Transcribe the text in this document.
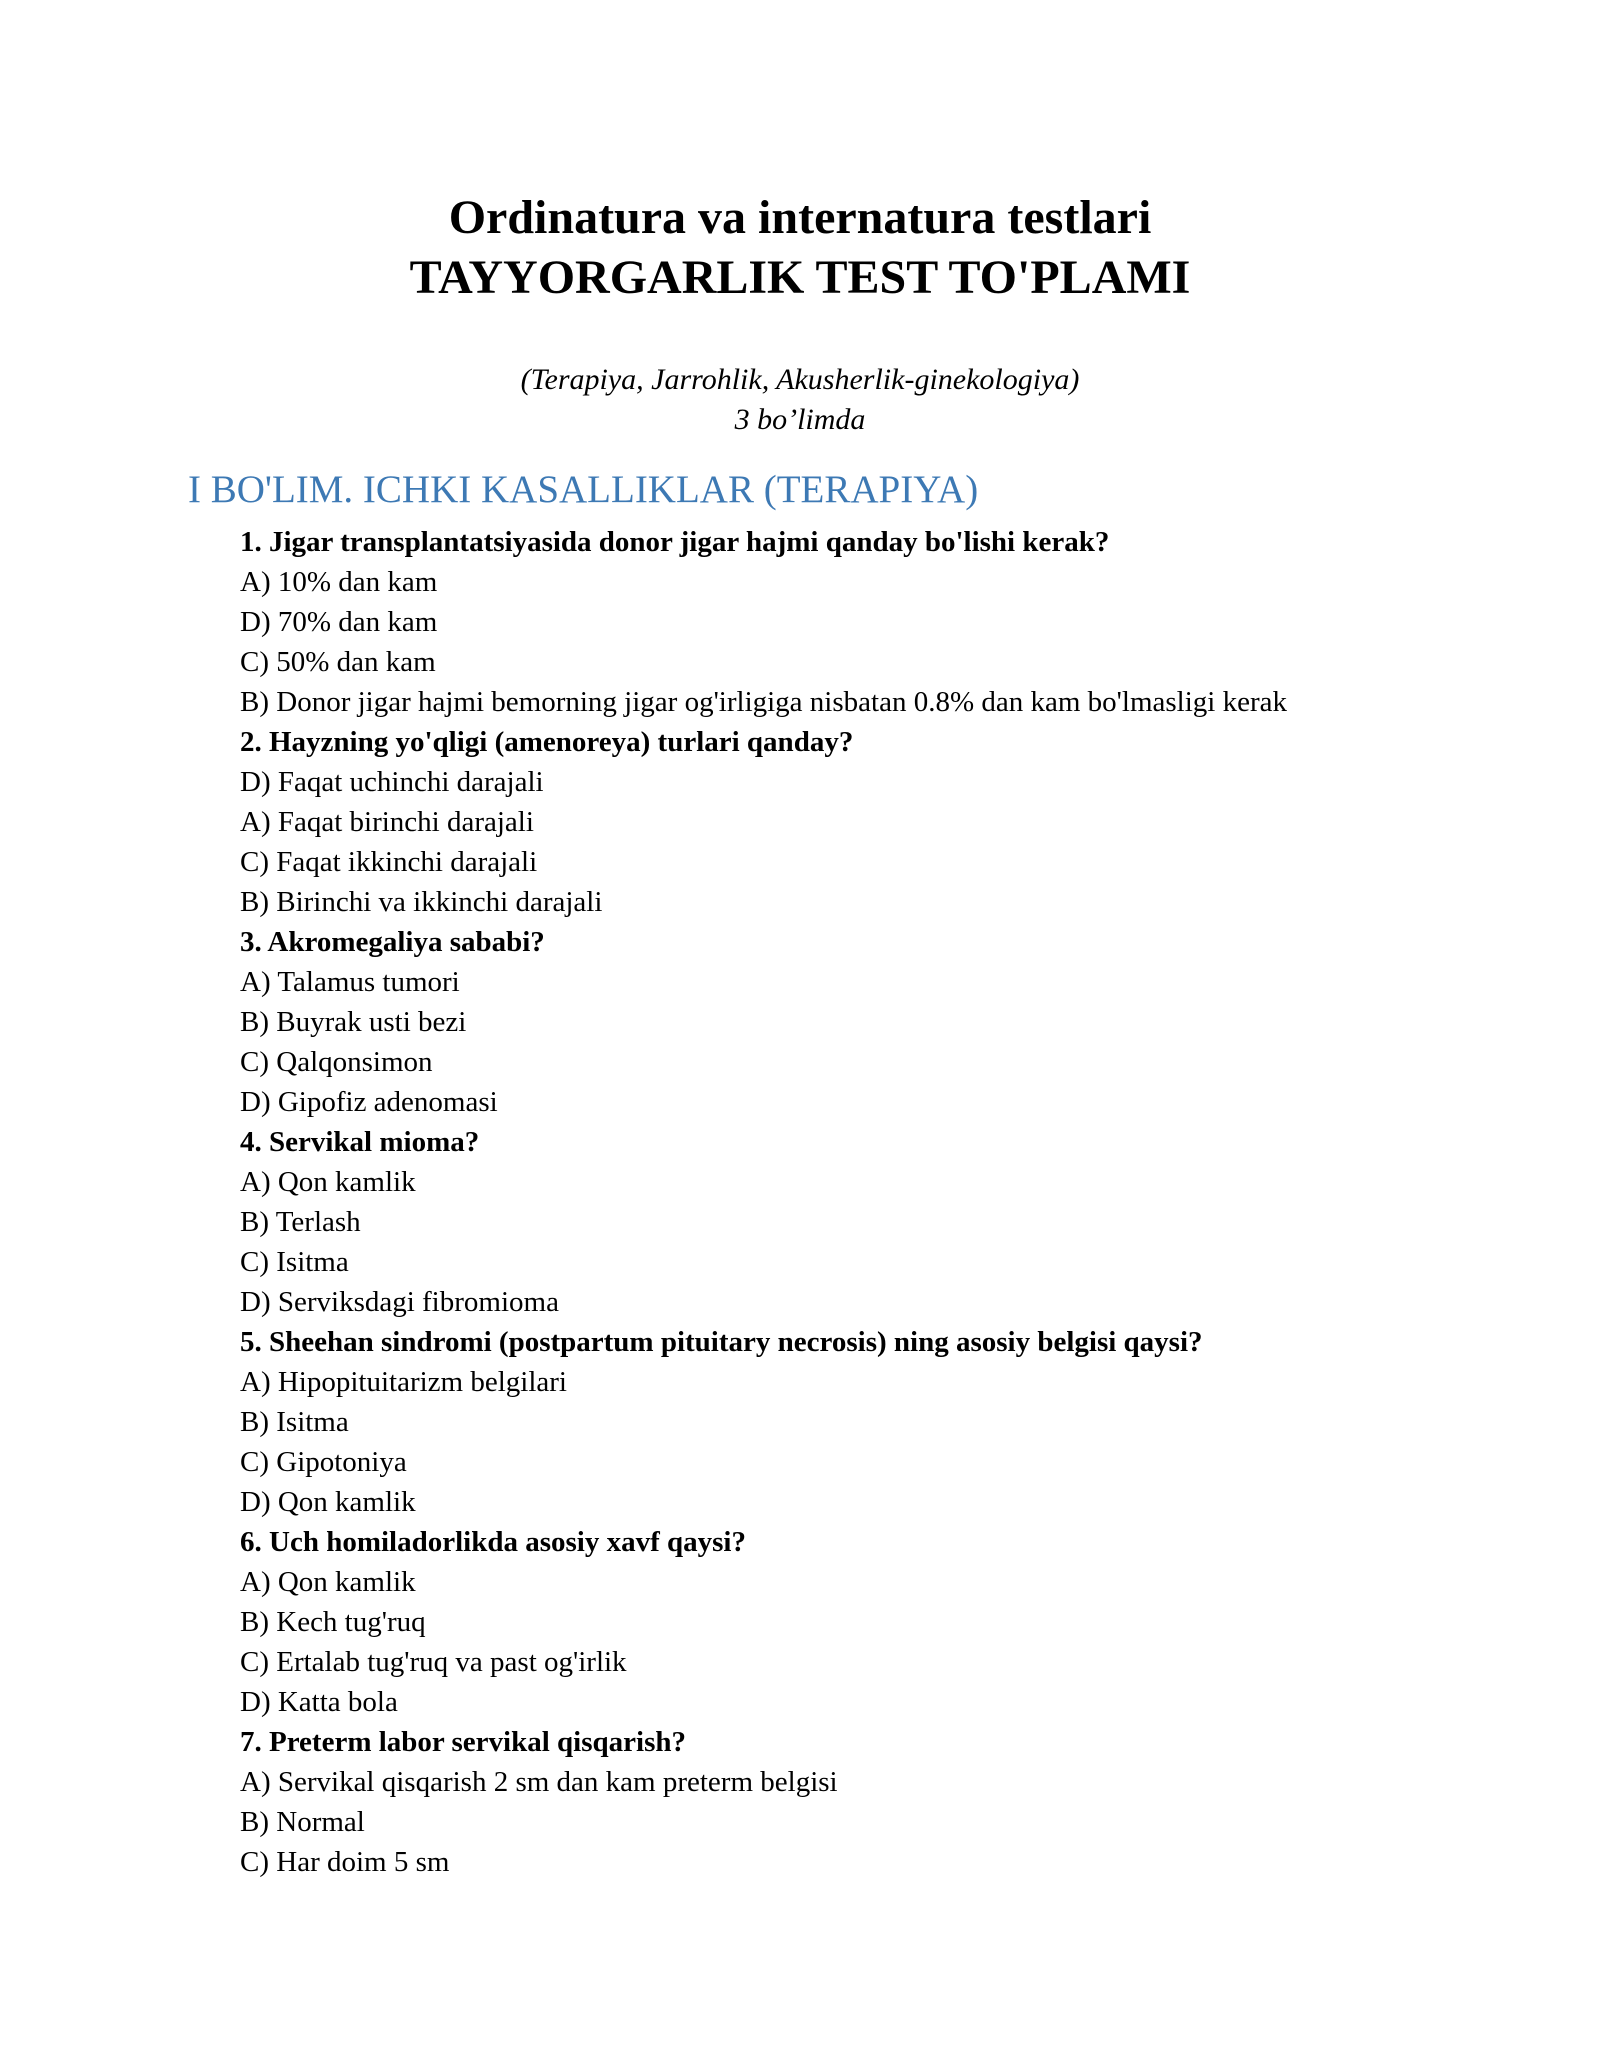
Ordinatura va internatura testlari

TAYYORGARLIK TEST TO'PLAMI

(Terapiya, Jarrohlik, Akusherlik-ginekologiya)
3 bo’limda
I BO'LIM. ICHKI KASALLIKLAR (TERAPIYA)
1. Jigar transplantatsiyasida donor jigar hajmi qanday bo'lishi kerak?
A) 10% dan kam
D) 70% dan kam
C) 50% dan kam
B) Donor jigar hajmi bemorning jigar og'irligiga nisbatan 0.8% dan kam bo'lmasligi kerak
2. Hayzning yo'qligi (amenoreya) turlari qanday?
D) Faqat uchinchi darajali
A) Faqat birinchi darajali
C) Faqat ikkinchi darajali
B) Birinchi va ikkinchi darajali
3. Akromegaliya sababi?
A) Talamus tumori
B) Buyrak usti bezi
C) Qalqonsimon
D) Gipofiz adenomasi
4. Servikal mioma?
A) Qon kamlik
B) Terlash
C) Isitma
D) Serviksdagi fibromioma
5. Sheehan sindromi (postpartum pituitary necrosis) ning asosiy belgisi qaysi?
A) Hipopituitarizm belgilari
B) Isitma
C) Gipotoniya
D) Qon kamlik
6. Uch homiladorlikda asosiy xavf qaysi?
A) Qon kamlik
B) Kech tug'ruq
C) Ertalab tug'ruq va past og'irlik
D) Katta bola
7. Preterm labor servikal qisqarish?
A) Servikal qisqarish 2 sm dan kam preterm belgisi
B) Normal
C) Har doim 5 sm
